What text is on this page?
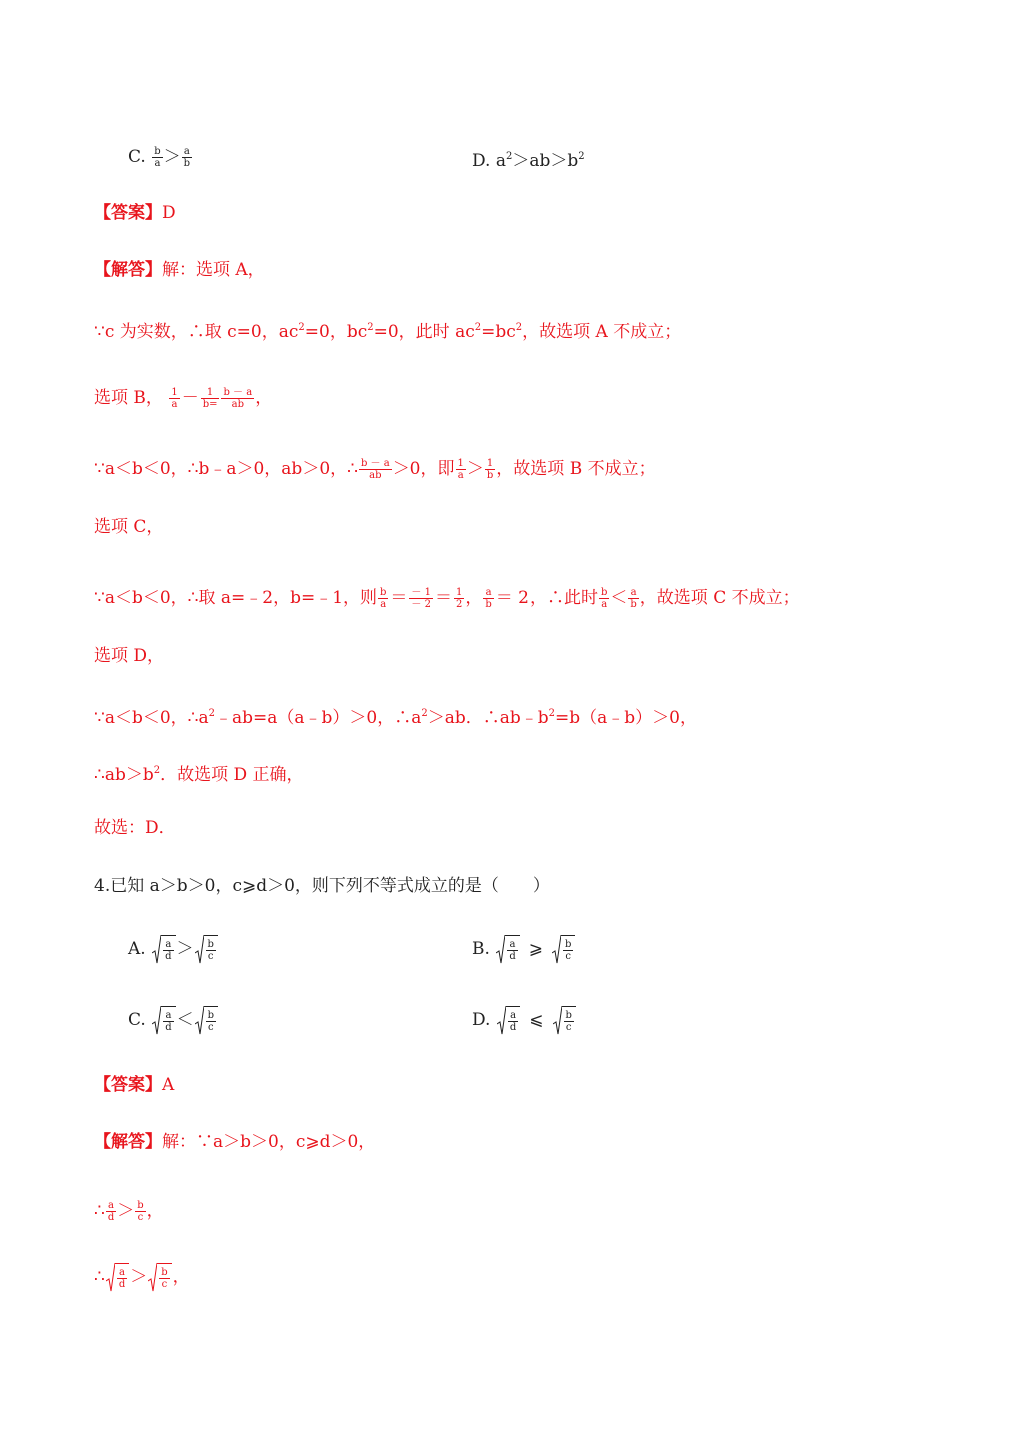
C. $\frac{b}{a} > \frac{a}{b}$	D. $a^2>ab>b^2$
【答案】D
【解答】解：选项 A，
∵c 为实数，∴取 c=0，$ac^2=0$，$bc^2=0$，此时 $ac^2=bc^2$，故选项 A 不成立；
选项 B， $\frac{1}{a} - \frac{1}{b=} \frac{b - a}{ab}$ ，
∵a＜b＜0，∴b﹣a＞0，ab＞0，∴ $\frac{b - a}{ab} >0$，即 $\frac{1}{a} > \frac{1}{b}$ ，故选项 B 不成立；
选项 C，
∵a＜b＜0，∴取 a=﹣2，b=﹣1，则 $\frac{b}{a} = \frac{- 1}{- 2} = \frac{1}{2}$ ， $\frac{a}{b} = 2$，∴此时 $\frac{b}{a} < \frac{a}{b}$ ，故选项 C 不成立；
选项 D，
∵a＜b＜0，$\therefore a^2﹣ab=a(a﹣b)>0$，$\therefore a^2>ab$．$\therefore ab﹣b^2=b(a﹣b)>0$，
$\therefore ab>b^2$．故选项 D 正确，
故选：D．
4.已知 a＞b＞0，c⩾d＞0，则下列不等式成立的是（　　）
A. a
d ＞ b
c	B. a
d ⩾ b
c
C. a
d ＜ b
c	D. a
d ⩽ b
c
【答案】A
【解答】解：∵a＞b＞0，c⩾d＞0，
∴ $\frac{a}{d} > \frac{b}{c}$ ，
∴ a
d ＞ b
c ，
